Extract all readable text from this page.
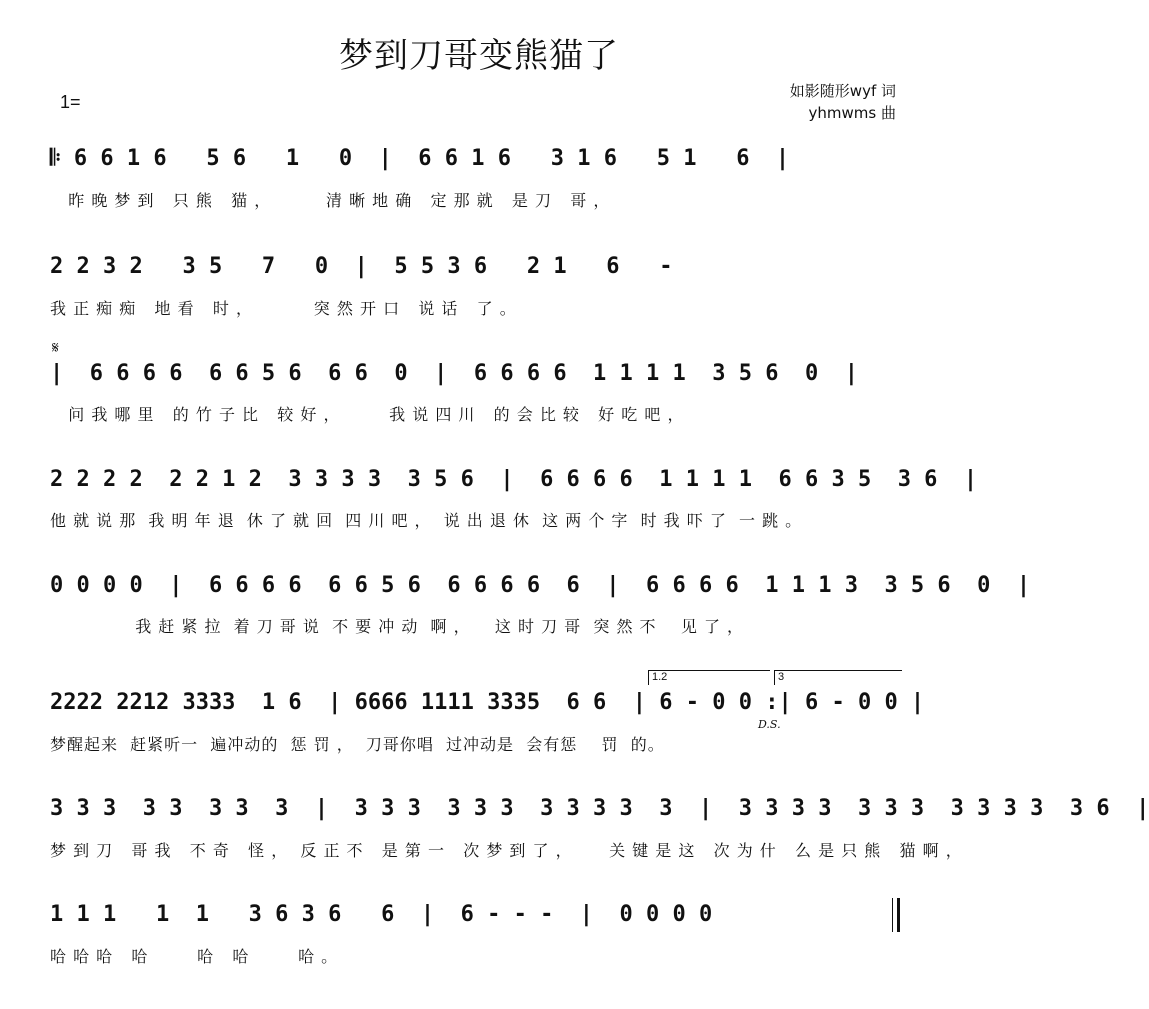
梦到刀哥变熊猫了
1=
如影随形wyf 词
yhmwms 曲
𝄋
1.2	3
D.S.
𝄆 6 6 1 6   5 6   1   0  |  6 6 1 6   3 1 6   5 1   6  |
昨 晚 梦 到   只 熊   猫 ，         清 晰 地 确   定 那 就   是 刀   哥 ，
2 2 3 2   3 5   7   0  |  5 5 3 6   2 1   6   -
我 正 痴 痴   地 看   时 ，          突 然 开 口   说 话   了 。
|  6 6 6 6  6 6 5 6  6 6  0  |  6 6 6 6  1 1 1 1  3 5 6  0  |
问 我 哪 里   的 竹 子 比   较 好 ，        我 说 四 川   的 会 比 较   好 吃 吧 ，
2 2 2 2  2 2 1 2  3 3 3 3  3 5 6  |  6 6 6 6  1 1 1 1  6 6 3 5  3 6  |
他 就 说 那  我 明 年 退  休 了 就 回  四 川 吧 ，  说 出 退 休  这 两 个 字  时 我 吓 了  一 跳 。
0 0 0 0  |  6 6 6 6  6 6 5 6  6 6 6 6  6  |  6 6 6 6  1 1 1 3  3 5 6  0  |
我 赶 紧 拉  着 刀 哥 说  不 要 冲 动  啊 ，    这 时 刀 哥  突 然 不    见 了 ，
2222 2212 3333  1 6  | 6666 1111 3335  6 6  | 6 - 0 0 :| 6 - 0 0 |
梦醒起来  赶紧听一  遍冲动的  惩 罚 ，  刀哥你唱  过冲动是  会有惩    罚  的。
3 3 3  3 3  3 3  3  |  3 3 3  3 3 3  3 3 3 3  3  |  3 3 3 3  3 3 3  3 3 3 3  3 6  |
梦 到 刀   哥 我   不 奇   怪 ，  反 正 不   是 第 一   次 梦 到 了 ，      关 键 是 这   次 为 什   么 是 只 熊   猫 啊 ，
1 1 1   1  1   3 6 3 6   6  |  6 - - -  |  0 0 0 0
哈 哈 哈   哈        哈   哈        哈 。
